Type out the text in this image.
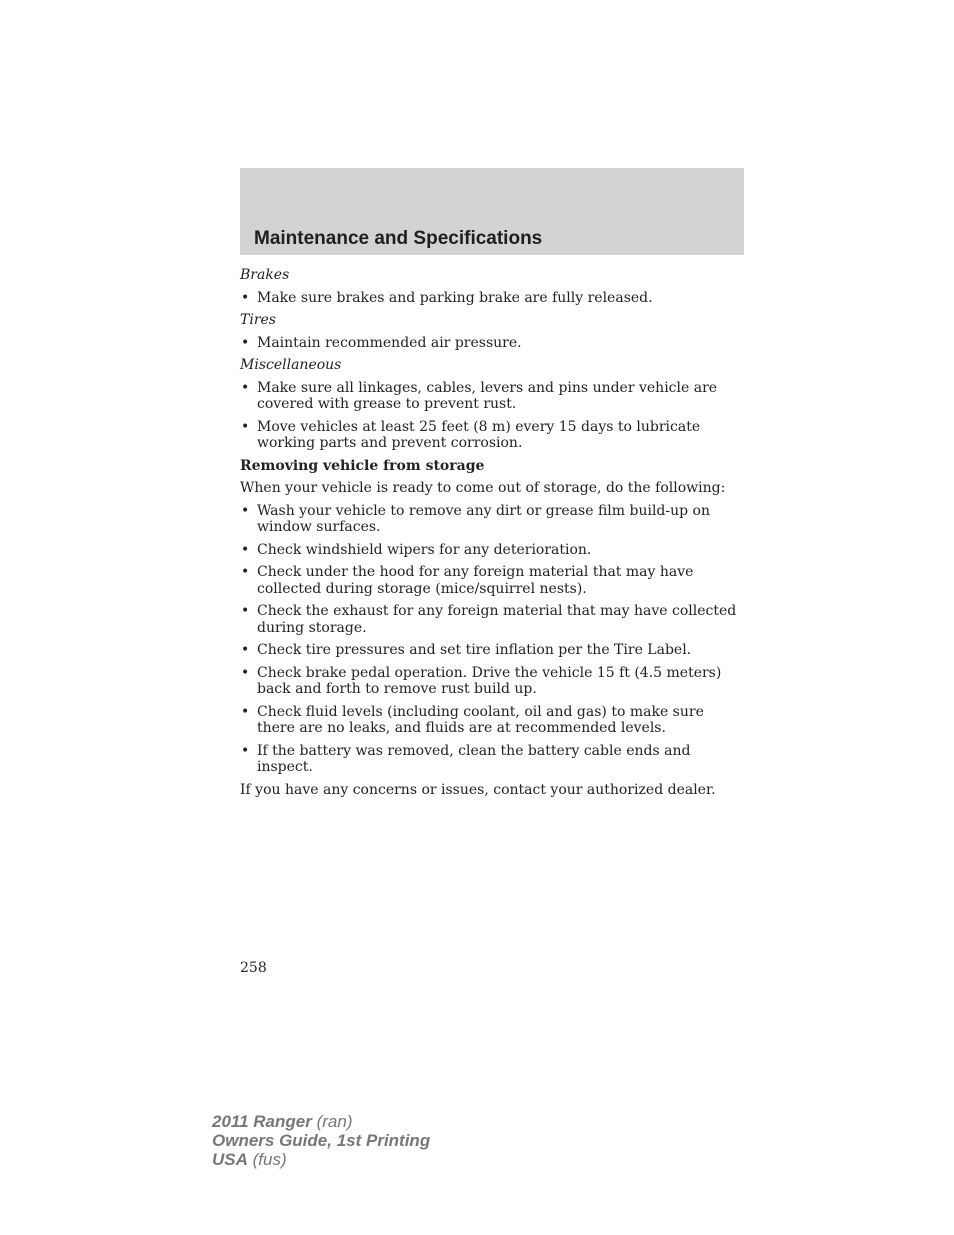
Maintenance and Specifications

Brakes

• Make sure brakes and parking brake are fully released.

Tires

• Maintain recommended air pressure.

Miscellaneous

• Make sure all linkages, cables, levers and pins under vehicle are covered with grease to prevent rust.
• Move vehicles at least 25 feet (8 m) every 15 days to lubricate working parts and prevent corrosion.

Removing vehicle from storage

When your vehicle is ready to come out of storage, do the following:

• Wash your vehicle to remove any dirt or grease film build-up on window surfaces.
• Check windshield wipers for any deterioration.
• Check under the hood for any foreign material that may have collected during storage (mice/squirrel nests).
• Check the exhaust for any foreign material that may have collected during storage.
• Check tire pressures and set tire inflation per the Tire Label.
• Check brake pedal operation. Drive the vehicle 15 ft (4.5 meters) back and forth to remove rust build up.
• Check fluid levels (including coolant, oil and gas) to make sure there are no leaks, and fluids are at recommended levels.
• If the battery was removed, clean the battery cable ends and inspect.

If you have any concerns or issues, contact your authorized dealer.

258

2011 Ranger (ran)
Owners Guide, 1st Printing
USA (fus)
